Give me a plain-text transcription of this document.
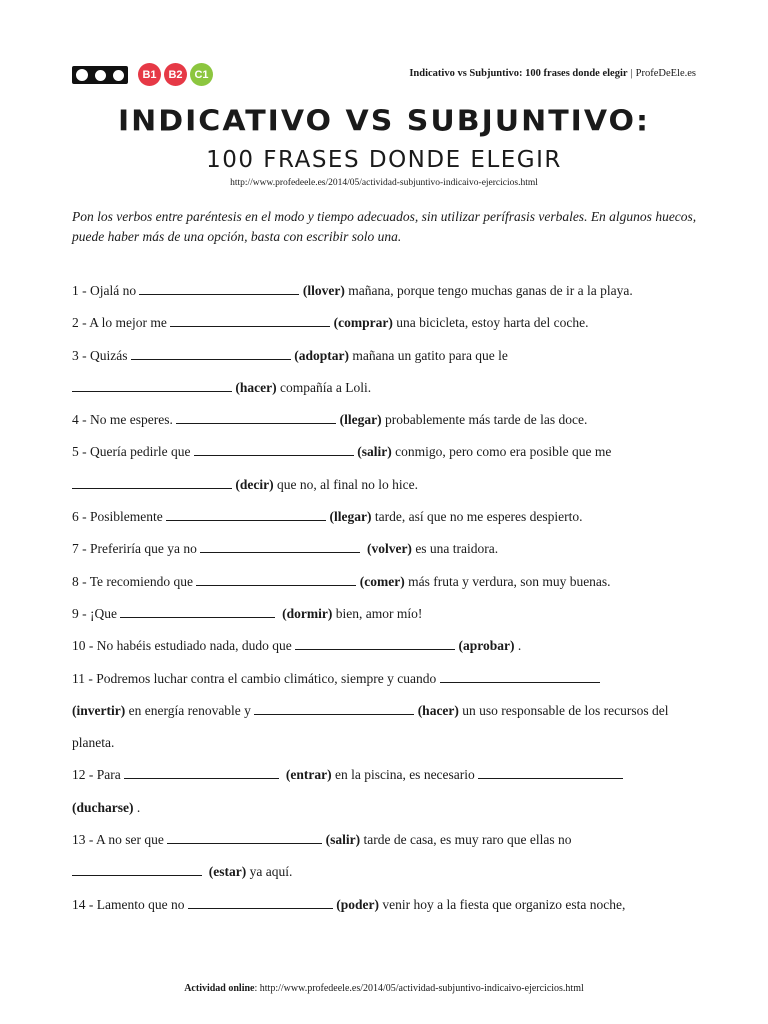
B1	B2	C1	Indicativo vs Subjuntivo: 100 frases donde elegir | ProfeDeEle.es
INDICATIVO VS SUBJUNTIVO:
100 FRASES DONDE ELEGIR
http://www.profedeele.es/2014/05/actividad-subjuntivo-indicaivo-ejercicios.html
Pon los verbos entre paréntesis en el modo y tiempo adecuados, sin utilizar perífrasis verbales. En algunos huecos, puede haber más de una opción, basta con escribir solo una.

1 - Ojalá no	(llover) mañana, porque tengo muchas ganas de ir a la playa.

2 - A lo mejor me	(comprar) una bicicleta, estoy harta del coche.

3 - Quizás	(adoptar) mañana un gatito para que le
(hacer) compañía a Loli.

4 - No me esperes.	(llegar) probablemente más tarde de las doce.

5 - Quería pedirle que	(salir) conmigo, pero como era posible que me
(decir) que no, al final no lo hice.

6 - Posiblemente	(llegar) tarde, así que no me esperes despierto.

7 - Preferiría que ya no	(volver) es una traidora.

8 - Te recomiendo que	(comer) más fruta y verdura, son muy buenas.

9 - ¡Que	(dormir) bien, amor mío!

10 - No habéis estudiado nada, dudo que	(aprobar) .

11 - Podremos luchar contra el cambio climático, siempre y cuando
(invertir) en energía renovable y	(hacer) un uso responsable de los recursos del planeta.

12 - Para	(entrar) en la piscina, es necesario
(ducharse) .

13 - A no ser que	(salir) tarde de casa, es muy raro que ellas no
(estar) ya aquí.

14 - Lamento que no	(poder) venir hoy a la fiesta que organizo esta noche,

Actividad online: http://www.profedeele.es/2014/05/actividad-subjuntivo-indicaivo-ejercicios.html
